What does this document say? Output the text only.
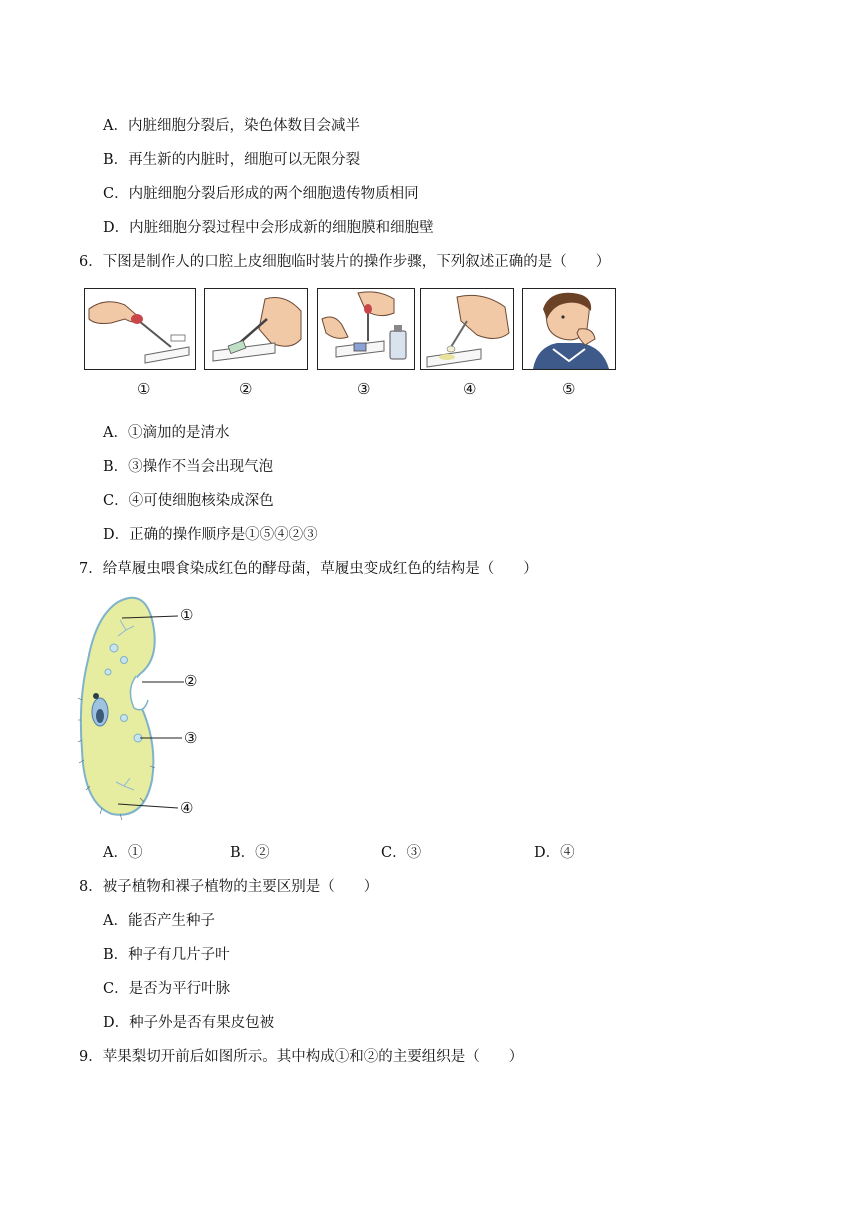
A．内脏细胞分裂后，染色体数目会减半
B．再生新的内脏时，细胞可以无限分裂
C．内脏细胞分裂后形成的两个细胞遗传物质相同
D．内脏细胞分裂过程中会形成新的细胞膜和细胞壁
6．下图是制作人的口腔上皮细胞临时装片的操作步骤，下列叙述正确的是（　　）
①	②	③	④	⑤
A．①滴加的是清水
B．③操作不当会出现气泡
C．④可使细胞核染成深色
D．正确的操作顺序是①⑤④②③
7．给草履虫喂食染成红色的酵母菌，草履虫变成红色的结构是（　　）
①
②
③
④
A．①	B．②	C．③	D．④
8．被子植物和裸子植物的主要区别是（　　）
A．能否产生种子
B．种子有几片子叶
C．是否为平行叶脉
D．种子外是否有果皮包被
9．苹果梨切开前后如图所示。其中构成①和②的主要组织是（　　）
